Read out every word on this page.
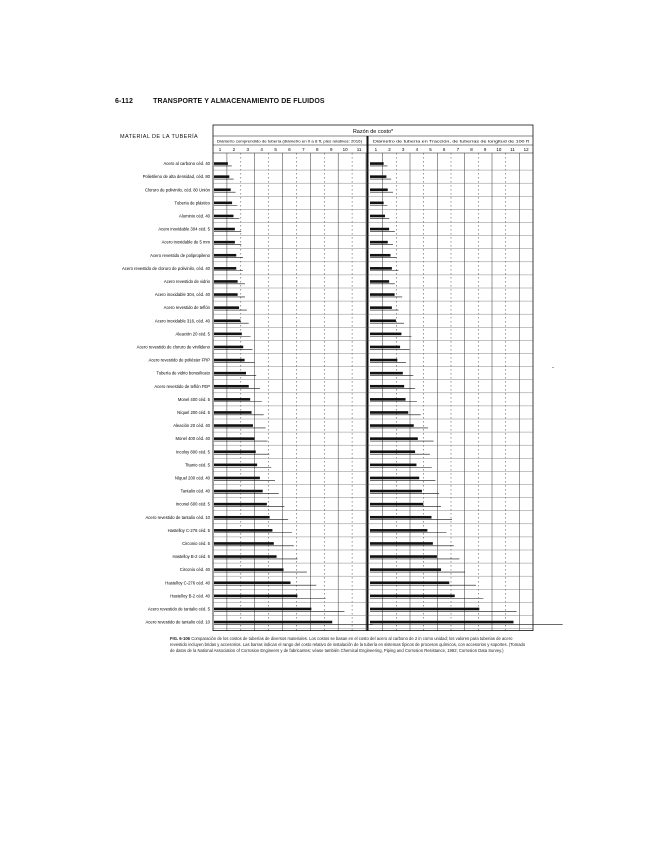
6-112	TRANSPORTE Y ALMACENAMIENTO DE FLUIDOS
MATERIAL DE LA TUBERÍA
Razón de costo*
Diámetro comprendido de tubería (diámetro en 0 a 8 ft, pies relativos: 2016)	Diámetro de tubería en Tracción, de tuberías de longitud de 100 ft
1	2	3	4	5	6	7	8	9 10 11	1 2 3 4 5 6 7 8 9 10 11 12
Acero al carbono céd. 40
Polietileno de alta densidad, céd. 80
Cloruro de polivinilo, céd. 80 Unión
Tubería de plástico
Aluminio céd. 40
Acero inoxidable 304 céd. 5
Acero inoxidable de 5 mm
Acero revestido de polipropileno
Acero revestido de cloruro de polivinilo, céd. 40
Acero revestido de vidrio
Acero inoxidable 304, céd. 40
Acero revestido de teflón
Acero inoxidable 316, céd. 40
Aleación 20 céd. 5
Acero revestido de cloruro de vinilideno
Acero revestido de poliéster FRP
Tubería de vidrio borosilicato
Acero revestido de teflón FEP
Monel 400 céd. 5
Níquel 200 céd. 5
Aleación 20 céd. 40
Monel 400 céd. 40
Incoloy 800 céd. 5
Titanio céd. 5
Níquel 200 céd. 40
Tantalio céd. 40
Inconel 600 céd. 5
Acero revestido de tantalio céd. 10
Hastelloy C-276 céd. 5
Circonio céd. 5
Hastelloy B-2 céd. 5
Circonio céd. 40
Hastelloy C-276 céd. 40
Hastelloy B-2 céd. 40
Acero revestido de tantalio céd. 5
Acero revestido de tantalio céd. 10
FIG. 6-106 Comparación de los costos de tuberías de diversos materiales. Los costos se basan en el costo del acero al carbono de 2 in como unidad; los valores para tuberías de acero revestido incluyen bridas y accesorios. Las barras indican el rango del costo relativo de instalación de la tubería en sistemas típicos de procesos químicos, con accesorios y soportes. (Tomado de datos de la National Association of Corrosion Engineers y de fabricantes; véase también Chemical Engineering, Piping and Corrosion Resistance, 1982; Corrosion Data Survey.)
-
